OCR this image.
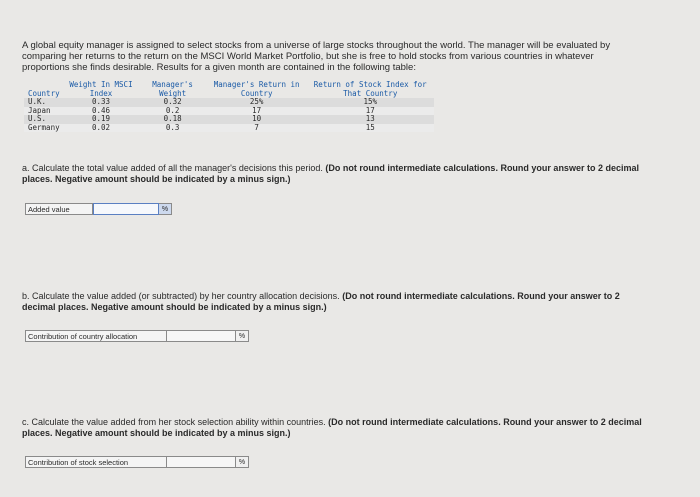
A global equity manager is assigned to select stocks from a universe of large stocks throughout the world. The manager will be evaluated by comparing her returns to the return on the MSCI World Market Portfolio, but she is free to hold stocks from various countries in whatever proportions she finds desirable. Results for a given month are contained in the following table:
Country	Weight In MSCI Index	Manager's Weight	Manager's Return in Country	Return of Stock Index for That Country
U.K.	0.33	0.32	25%	15%
Japan	0.46	0.2	17	17
U.S.	0.19	0.18	10	13
Germany	0.02	0.3	7	15
a. Calculate the total value added of all the manager's decisions this period. (Do not round intermediate calculations. Round your answer to 2 decimal places. Negative amount should be indicated by a minus sign.)
Added value	%
b. Calculate the value added (or subtracted) by her country allocation decisions. (Do not round intermediate calculations. Round your answer to 2 decimal places. Negative amount should be indicated by a minus sign.)
Contribution of country allocation	%
c. Calculate the value added from her stock selection ability within countries. (Do not round intermediate calculations. Round your answer to 2 decimal places. Negative amount should be indicated by a minus sign.)
Contribution of stock selection	%
